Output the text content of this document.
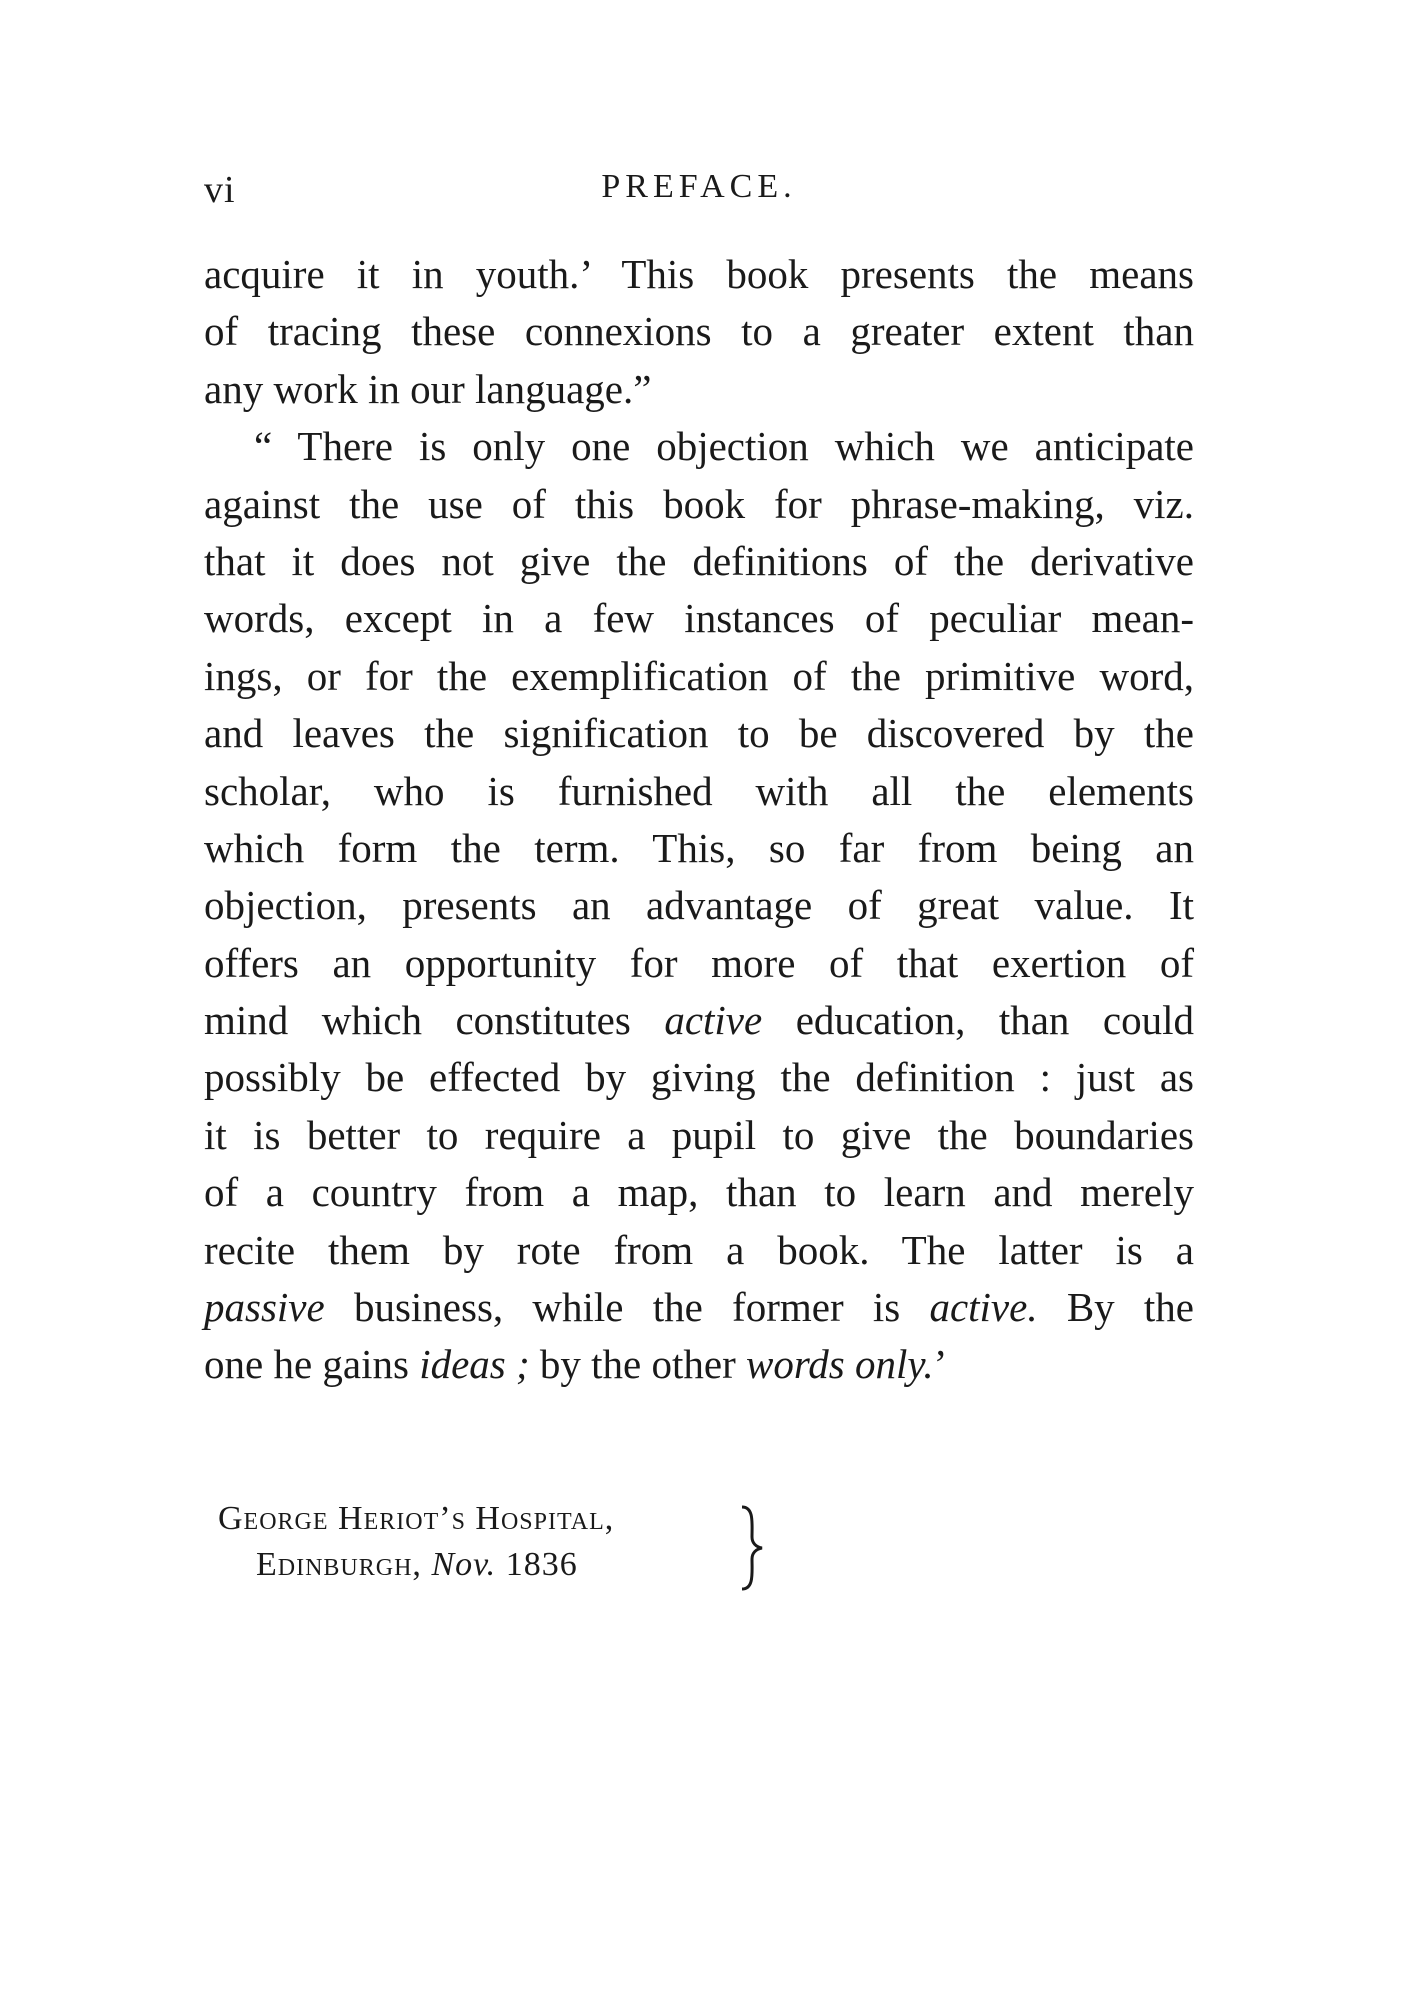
vi	PREFACE.
acquire it in youth.’ This book presents the means
of tracing these connexions to a greater extent than
any work in our language.”
“ There is only one objection which we anticipate
against the use of this book for phrase-making, viz.
that it does not give the definitions of the derivative
words, except in a few instances of peculiar mean-
ings, or for the exemplification of the primitive word,
and leaves the signification to be discovered by the
scholar, who is furnished with all the elements
which form the term. This, so far from being an
objection, presents an advantage of great value. It
offers an opportunity for more of that exertion of
mind which constitutes active education, than could
possibly be effected by giving the definition : just as
it is better to require a pupil to give the boundaries
of a country from a map, than to learn and merely
recite them by rote from a book. The latter is a
passive business, while the former is active. By the
one he gains ideas ; by the other words only.’
George Heriot’s Hospital,
Edinburgh, Nov. 1836
